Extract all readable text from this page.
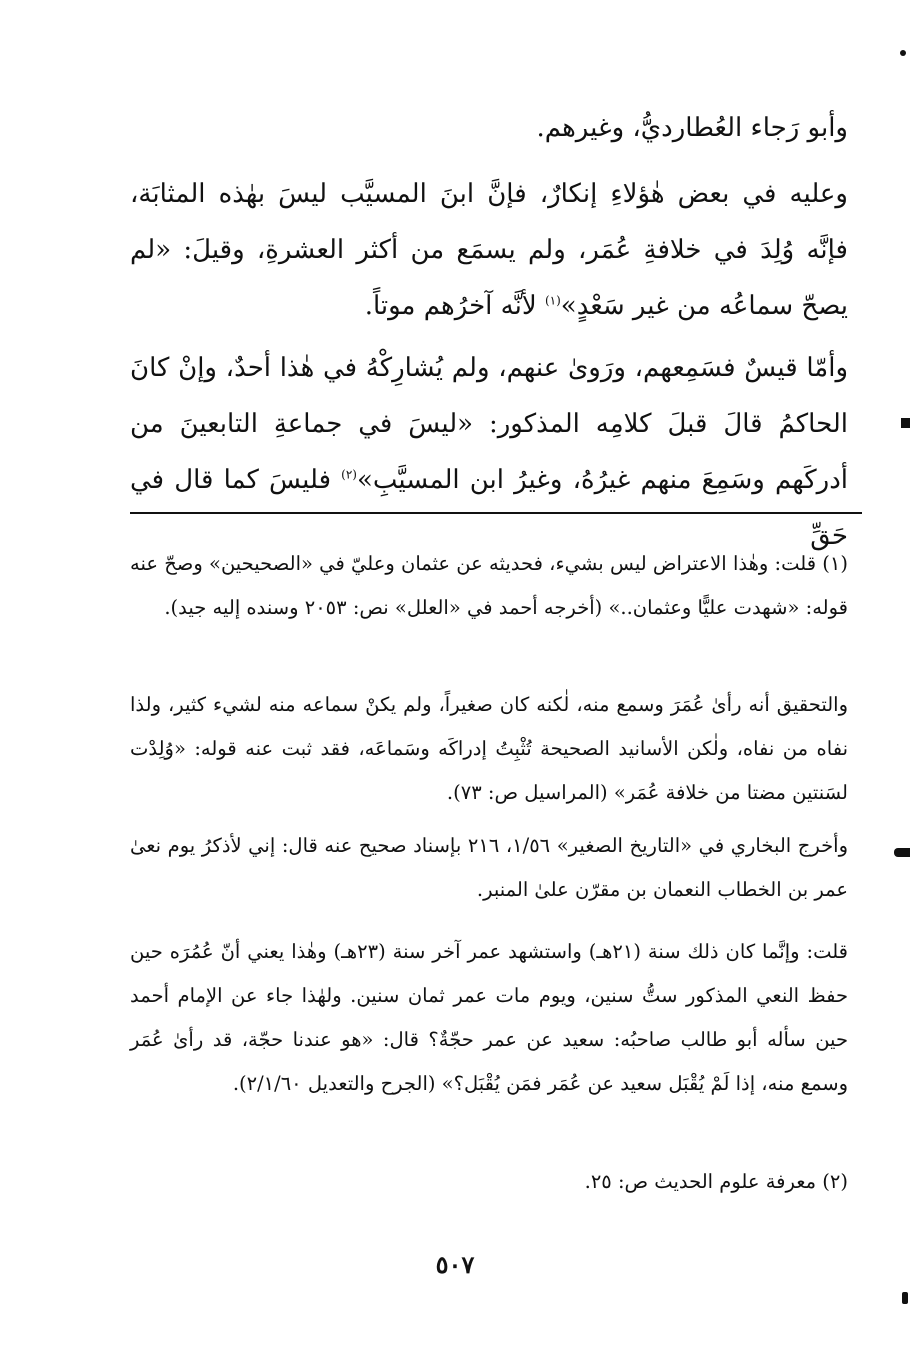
وأبو رَجاء العُطارديُّ، وغيرهم.

وعليه في بعض هٰؤلاءِ إنكارٌ، فإنَّ ابنَ المسيَّب ليسَ بهٰذه المثابَة، فإنَّه وُلِدَ في خلافةِ عُمَر، ولم يسمَع من أكثر العشرةِ، وقيلَ: «لم يصحّ سماعُه من غير سَعْدٍ»$^{(١)}$ لأنَّه آخرُهم موتاً.

وأمّا قيسٌ فسَمِعهم، ورَوىٰ عنهم، ولم يُشارِكْهُ في هٰذا أحدٌ، وإنْ كانَ الحاكمُ قالَ قبلَ كلامِه المذكور: «ليسَ في جماعةِ التابعينَ من أدركَهم وسَمِعَ منهم غيرُهُ، وغيرُ ابن المسيَّبِ»$^{(٢)}$ فليسَ كما قال في حَقِّ

(١) قلت: وهٰذا الاعتراض ليس بشيء، فحديثه عن عثمان وعليّ في «الصحيحين» وصحّ عنه قوله: «شهدت عليًّا وعثمان..» (أخرجه أحمد في «العلل» نص: ٢٠٥٣ وسنده إليه جيد).

والتحقيق أنه رأىٰ عُمَرَ وسمع منه، لٰكنه كان صغيراً، ولم يكنْ سماعه منه لشيء كثير، ولذا نفاه من نفاه، ولٰكن الأسانيد الصحيحة تُثْبِتُ إدراكَه وسَماعَه، فقد ثبت عنه قوله: «وُلِدْت لسَنتين مضتا من خلافة عُمَر» (المراسيل ص: ٧٣).

وأخرج البخاري في «التاريخ الصغير» ١/٥٦، ٢١٦ بإسناد صحيح عنه قال: إني لأذكرُ يوم نعىٰ عمر بن الخطاب النعمان بن مقرّن علىٰ المنبر.

قلت: وإنَّما كان ذلك سنة (٢١هـ) واستشهد عمر آخر سنة (٢٣هـ) وهٰذا يعني أنّ عُمُرَه حين حفظ النعي المذكور ستُّ سنين، ويوم مات عمر ثمان سنين. ولهٰذا جاء عن الإمام أحمد حين سأله أبو طالب صاحبُه: سعيد عن عمر حجّةٌ؟ قال: «هو عندنا حجّة، قد رأىٰ عُمَر وسمع منه، إذا لَمْ يُقْبَل سعيد عن عُمَر فمَن يُقْبَل؟» (الجرح والتعديل ٢/١/٦٠).

(٢) معرفة علوم الحديث ص: ٢٥.

٥٠٧
